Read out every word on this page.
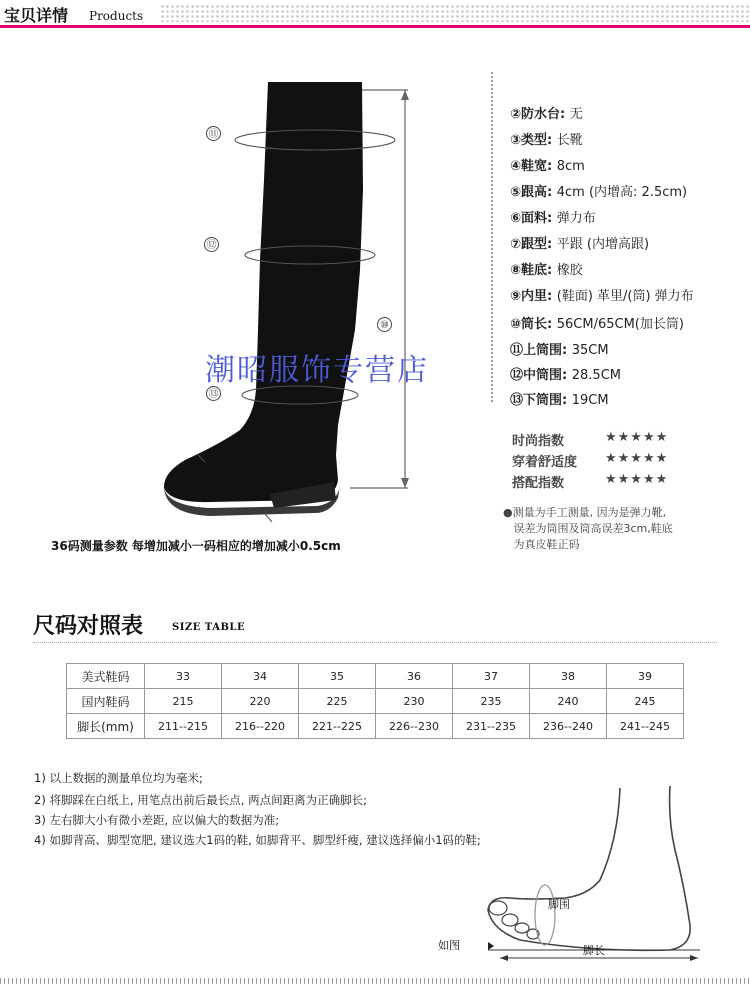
宝贝详情 Products
⑪
⑫
⑬
⑩
②防水台: 无
③类型: 长靴
④鞋宽: 8cm
⑤跟高: 4cm (内增高: 2.5cm)
⑥面料: 弹力布
⑦跟型: 平跟 (内增高跟)
⑧鞋底: 橡胶
⑨内里: (鞋面) 革里/(筒) 弹力布
⑩筒长: 56CM/65CM(加长筒)
⑪上筒围: 35CM
⑫中筒围: 28.5CM
⑬下筒围: 19CM
时尚指数	★★★★★
穿着舒适度 ★★★★★
搭配指数	★★★★★
●测量为手工测量, 因为是弹力靴,
误差为筒围及筒高误差3cm,鞋底
为真皮鞋正码
潮昭服饰专营店
36码测量参数 每增加减小一码相应的增加减小0.5cm
尺码对照表	SIZE TABLE
美式鞋码	33	34	35	36	37	38	39
国内鞋码	215	220	225	230	235	240	245
脚长(mm)	211--215	216--220	221--225	226--230	231--235	236--240	241--245
1) 以上数据的测量单位均为毫米;
2) 将脚踩在白纸上, 用笔点出前后最长点, 两点间距离为正确脚长;
3) 左右脚大小有微小差距, 应以偏大的数据为准;
4) 如脚背高、脚型宽肥, 建议选大1码的鞋, 如脚背平、脚型纤瘦, 建议选择偏小1码的鞋;
脚围
脚长
如图
